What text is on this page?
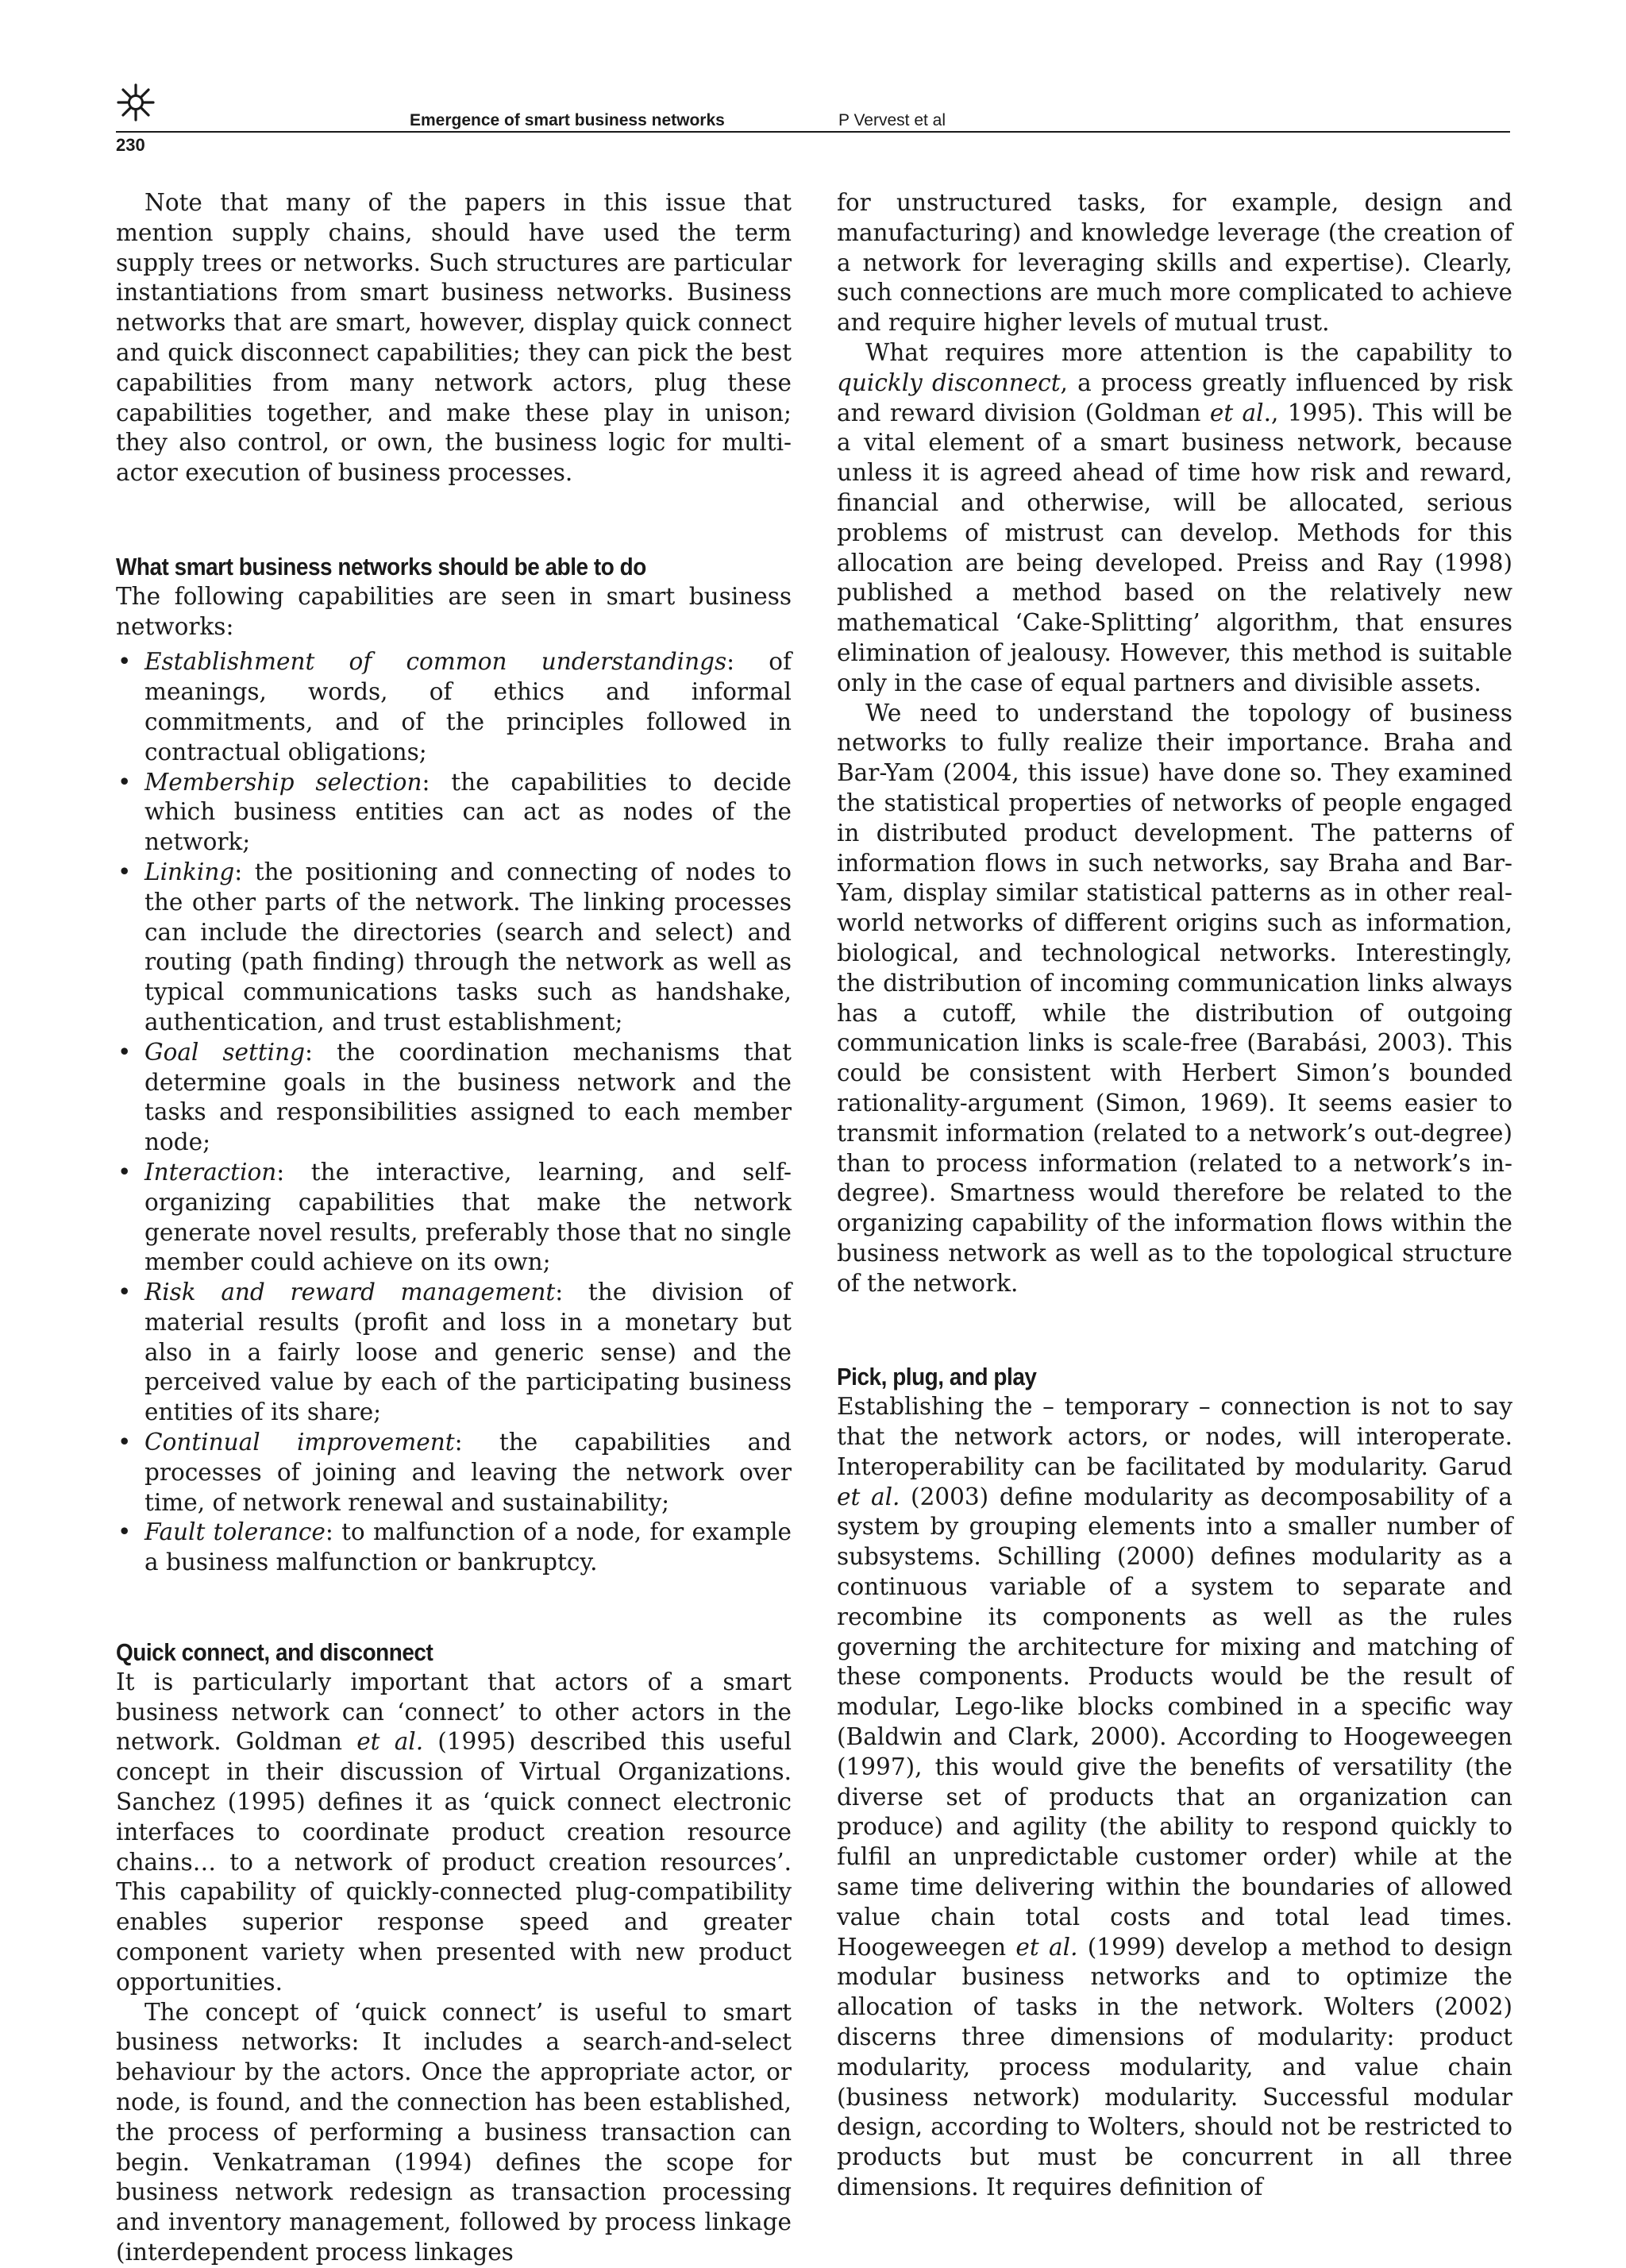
Emergence of smart business networks	P Vervest et al
230

Note that many of the papers in this issue that mention supply chains, should have used the term supply trees or networks. Such structures are particular instantiations from smart business networks. Business networks that are smart, however, display quick connect and quick disconnect capabilities; they can pick the best capabilities from many network actors, plug these capabilities together, and make these play in unison; they also control, or own, the business logic for multi-actor execution of business processes.

What smart business networks should be able to do

The following capabilities are seen in smart business networks:

• Establishment of common understandings: of meanings, words, of ethics and informal commitments, and of the principles followed in contractual obligations;
• Membership selection: the capabilities to decide which business entities can act as nodes of the network;
• Linking: the positioning and connecting of nodes to the other parts of the network. The linking processes can include the directories (search and select) and routing (path finding) through the network as well as typical communications tasks such as handshake, authentication, and trust establishment;
• Goal setting: the coordination mechanisms that determine goals in the business network and the tasks and responsibilities assigned to each member node;
• Interaction: the interactive, learning, and self-organizing capabilities that make the network generate novel results, preferably those that no single member could achieve on its own;
• Risk and reward management: the division of material results (profit and loss in a monetary but also in a fairly loose and generic sense) and the perceived value by each of the participating business entities of its share;
• Continual improvement: the capabilities and processes of joining and leaving the network over time, of network renewal and sustainability;
• Fault tolerance: to malfunction of a node, for example a business malfunction or bankruptcy.
Quick connect, and disconnect

It is particularly important that actors of a smart business network can ‘connect’ to other actors in the network. Goldman et al. (1995) described this useful concept in their discussion of Virtual Organizations. Sanchez (1995) defines it as ‘quick connect electronic interfaces to coordinate product creation resource chains… to a network of product creation resources’. This capability of quickly-connected plug-compatibility enables superior response speed and greater component variety when presented with new product opportunities.

The concept of ‘quick connect’ is useful to smart business networks: It includes a search-and-select behaviour by the actors. Once the appropriate actor, or node, is found, and the connection has been established, the process of performing a business transaction can begin. Venkatraman (1994) defines the scope for business network redesign as transaction processing and inventory management, followed by process linkage (interdependent process linkages

for unstructured tasks, for example, design and manufacturing) and knowledge leverage (the creation of a network for leveraging skills and expertise). Clearly, such connections are much more complicated to achieve and require higher levels of mutual trust.

What requires more attention is the capability to quickly disconnect, a process greatly influenced by risk and reward division (Goldman et al., 1995). This will be a vital element of a smart business network, because unless it is agreed ahead of time how risk and reward, financial and otherwise, will be allocated, serious problems of mistrust can develop. Methods for this allocation are being developed. Preiss and Ray (1998) published a method based on the relatively new mathematical ‘Cake-Splitting’ algorithm, that ensures elimination of jealousy. However, this method is suitable only in the case of equal partners and divisible assets.

We need to understand the topology of business networks to fully realize their importance. Braha and Bar-Yam (2004, this issue) have done so. They examined the statistical properties of networks of people engaged in distributed product development. The patterns of information flows in such networks, say Braha and Bar-Yam, display similar statistical patterns as in other real-world networks of different origins such as information, biological, and technological networks. Interestingly, the distribution of incoming communication links always has a cutoff, while the distribution of outgoing communication links is scale-free (Barabási, 2003). This could be consistent with Herbert Simon’s bounded rationality-argument (Simon, 1969). It seems easier to transmit information (related to a network’s out-degree) than to process information (related to a network’s in-degree). Smartness would therefore be related to the organizing capability of the information flows within the business network as well as to the topological structure of the network.

Pick, plug, and play

Establishing the – temporary – connection is not to say that the network actors, or nodes, will interoperate. Interoperability can be facilitated by modularity. Garud et al. (2003) define modularity as decomposability of a system by grouping elements into a smaller number of subsystems. Schilling (2000) defines modularity as a continuous variable of a system to separate and recombine its components as well as the rules governing the architecture for mixing and matching of these components. Products would be the result of modular, Lego-like blocks combined in a specific way (Baldwin and Clark, 2000). According to Hoogeweegen (1997), this would give the benefits of versatility (the diverse set of products that an organization can produce) and agility (the ability to respond quickly to fulfil an unpredictable customer order) while at the same time delivering within the boundaries of allowed value chain total costs and total lead times. Hoogeweegen et al. (1999) develop a method to design modular business networks and to optimize the allocation of tasks in the network. Wolters (2002) discerns three dimensions of modularity: product modularity, process modularity, and value chain (business network) modularity. Successful modular design, according to Wolters, should not be restricted to products but must be concurrent in all three dimensions. It requires definition of
